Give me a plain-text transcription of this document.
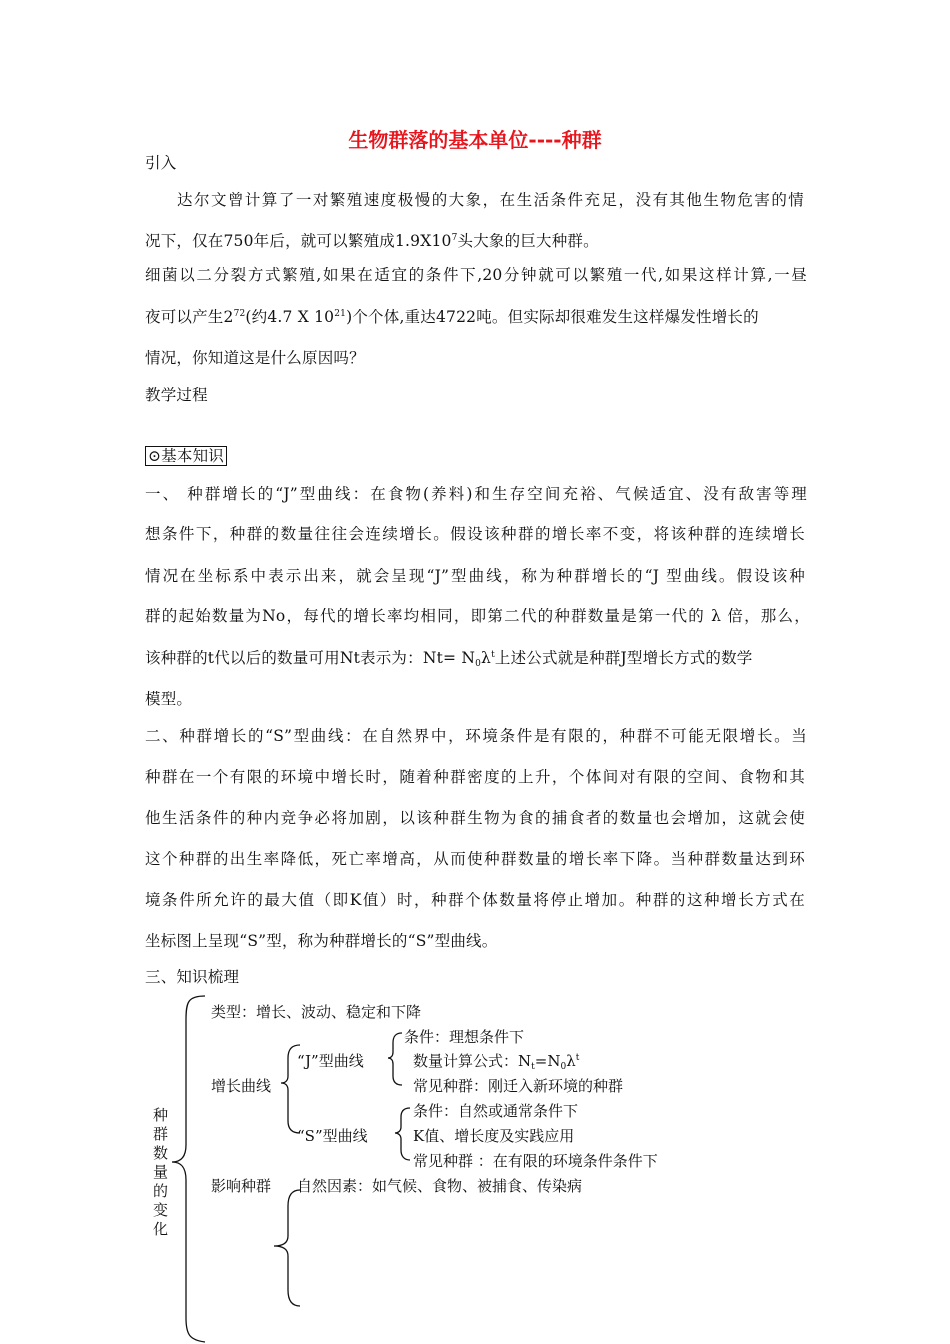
生物群落的基本单位----种群
引入
达尔文曾计算了一对繁殖速度极慢的大象，在生活条件充足，没有其他生物危害的情
况下，仅在750年后，就可以繁殖成$1.9X10^7$头大象的巨大种群。
细菌以二分裂方式繁殖,如果在适宜的条件下,20分钟就可以繁殖一代,如果这样计算,一昼
夜可以产生$2^{72}$(约4.7 X $10^{21}$)个个体,重达4722吨。但实际却很难发生这样爆发性增长的
情况，你知道这是什么原因吗？
教学过程
⊙基本知识
一、 种群增长的“J”型曲线：在食物(养料)和生存空间充裕、气候适宜、没有敌害等理
想条件下，种群的数量往往会连续增长。假设该种群的增长率不变，将该种群的连续增长
情况在坐标系中表示出来，就会呈现“J”型曲线，称为种群增长的“J 型曲线。假设该种
群的起始数量为No，每代的增长率均相同，即第二代的种群数量是第一代的 λ 倍，那么，
该种群的t代以后的数量可用Nt表示为：$Nt= N_0\lambda^t$上述公式就是种群J型增长方式的数学
模型。
二、种群增长的“S”型曲线：在自然界中，环境条件是有限的，种群不可能无限增长。当
种群在一个有限的环境中增长时，随着种群密度的上升，个体间对有限的空间、食物和其
他生活条件的种内竞争必将加剧，以该种群生物为食的捕食者的数量也会增加，这就会使
这个种群的出生率降低，死亡率增高，从而使种群数量的增长率下降。当种群数量达到环
境条件所允许的最大值（即K值）时，种群个体数量将停止增加。种群的这种增长方式在
坐标图上呈现“S”型，称为种群增长的“S”型曲线。
三、知识梳理
种群数量的变化
类型：增长、波动、稳定和下降
增长曲线
“J”型曲线
条件：理想条件下
数量计算公式：$N_t=N_0\lambda^t$
常见种群：刚迁入新环境的种群
“S”型曲线
条件：自然或通常条件下
K值、增长度及实践应用
常见种群 ：在有限的环境条件条件下
影响种群 自然因素：如气候、食物、被捕食、传染病
